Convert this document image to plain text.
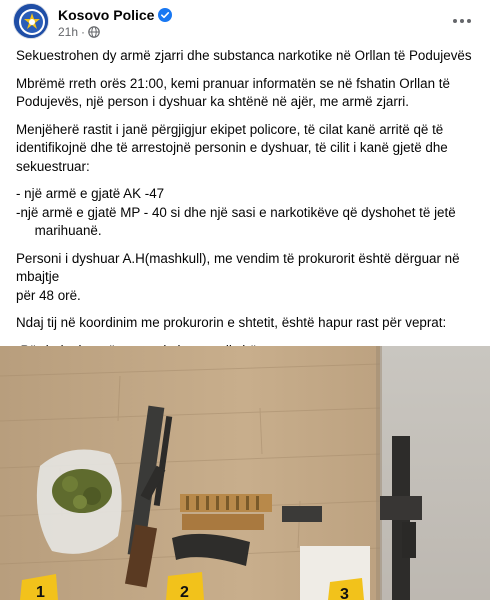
Kosovo Police
21h ·

Sekuestrohen dy armë zjarri dhe substanca narkotike në Orllan të Podujevës

Mbrëmë rreth orës 21:00, kemi pranuar informatën se në fshatin Orllan të
Podujevës, një person i dyshuar ka shtënë në ajër, me armë zjarri.

Menjëherë rastit i janë përgjigjur ekipet policore, të cilat kanë arritë që të
identifikojnë dhe të arrestojnë personin e dyshuar, të cilit i kanë gjetë dhe
sekuestruar:

- një armë e gjatë AK -47
-një armë e gjatë MP - 40 si dhe një sasi e narkotikëve që dyshohet të jetë
marihuanë.

Personi i dyshuar A.H(mashkull), me vendim të prokurorit është dërguar në mbajtje
për 48 orë.

Ndaj tij në koordinim me prokurorin e shtetit, është hapur rast për veprat:

1	2	3
